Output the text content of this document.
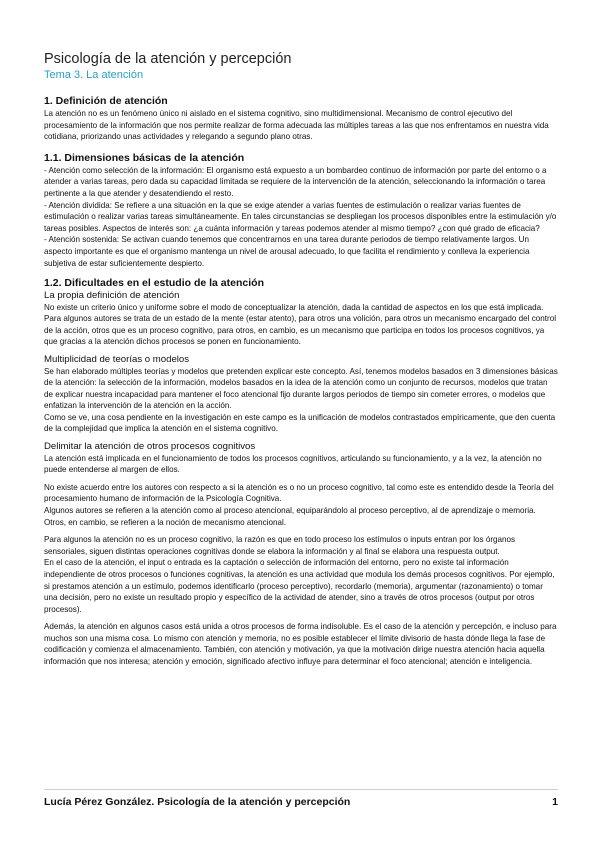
Psicología de la atención y percepción
Tema 3. La atención
1. Definición de atención

La atención no es un fenómeno único ni aislado en el sistema cognitivo, sino multidimensional. Mecanismo de control ejecutivo del procesamiento de la información que nos permite realizar de forma adecuada las múltiples tareas a las que nos enfrentamos en nuestra vida cotidiana, priorizando unas actividades y relegando a segundo plano otras.

1.1. Dimensiones básicas de la atención

- Atención como selección de la información: El organismo está expuesto a un bombardeo continuo de información por parte del entorno o a atender a varias tareas, pero dada su capacidad limitada se requiere de la intervención de la atención, seleccionando la información o tarea pertinente a la que atender y desatendiendo el resto.

- Atención dividida: Se refiere a una situación en la que se exige atender a varias fuentes de estimulación o realizar varias fuentes de estimulación o realizar varias tareas simultáneamente. En tales circunstancias se despliegan los procesos disponibles entre la estimulación y/o tareas posibles. Aspectos de interés son: ¿a cuánta información y tareas podemos atender al mismo tiempo? ¿con qué grado de eficacia?

- Atención sostenida: Se activan cuando tenemos que concentrarnos en una tarea durante periodos de tiempo relativamente largos. Un aspecto importante es que el organismo mantenga un nivel de arousal adecuado, lo que facilita el rendimiento y conlleva la experiencia subjetiva de estar suficientemente despierto.

1.2. Dificultades en el estudio de la atención
La propia definición de atención

No existe un criterio único y uniforme sobre el modo de conceptualizar la atención, dada la cantidad de aspectos en los que está implicada. Para algunos autores se trata de un estado de la mente (estar atento), para otros una volición, para otros un mecanismo encargado del control de la acción, otros que es un proceso cognitivo, para otros, en cambio, es un mecanismo que participa en todos los procesos cognitivos, ya que gracias a la atención dichos procesos se ponen en funcionamiento.

Multiplicidad de teorías o modelos

Se han elaborado múltiples teorías y modelos que pretenden explicar este concepto. Así, tenemos modelos basados en 3 dimensiones básicas de la atención: la selección de la información, modelos basados en la idea de la atención como un conjunto de recursos, modelos que tratan de explicar nuestra incapacidad para mantener el foco atencional fijo durante largos periodos de tiempo sin cometer errores, o modelos que enfatizan la intervención de la atención en la acción.

Como se ve, una cosa pendiente en la investigación en este campo es la unificación de modelos contrastados empíricamente, que den cuenta de la complejidad que implica la atención en el sistema cognitivo.

Delimitar la atención de otros procesos cognitivos

La atención está implicada en el funcionamiento de todos los procesos cognitivos, articulando su funcionamiento, y a la vez, la atención no puede entenderse al margen de ellos.

No existe acuerdo entre los autores con respecto a si la atención es o no un proceso cognitivo, tal como este es entendido desde la Teoría del procesamiento humano de información de la Psicología Cognitiva.

Algunos autores se refieren a la atención como al proceso atencional, equiparándolo al proceso perceptivo, al de aprendizaje o memoria. Otros, en cambio, se refieren a la noción de mecanismo atencional.

Para algunos la atención no es un proceso cognitivo, la razón es que en todo proceso los estímulos o inputs entran por los órganos sensoriales, siguen distintas operaciones cognitivas donde se elabora la información y al final se elabora una respuesta output.

En el caso de la atención, el input o entrada es la captación o selección de información del entorno, pero no existe tal información independiente de otros procesos o funciones cognitivas, la atención es una actividad que modula los demás procesos cognitivos. Por ejemplo, si prestamos atención a un estímulo, podemos identificarlo (proceso perceptivo), recordarlo (memoria), argumentar (razonamiento) o tomar una decisión, pero no existe un resultado propio y específico de la actividad de atender, sino a través de otros procesos (output por otros procesos).

Además, la atención en algunos casos está unida a otros procesos de forma indisoluble. Es el caso de la atención y percepción, e incluso para muchos son una misma cosa. Lo mismo con atención y memoria, no es posible establecer el límite divisorio de hasta dónde llega la fase de codificación y comienza el almacenamiento. También, con atención y motivación, ya que la motivación dirige nuestra atención hacia aquella información que nos interesa; atención y emoción, significado afectivo influye para determinar el foco atencional; atención e inteligencia.

Lucía Pérez González. Psicología de la atención y percepción	1
